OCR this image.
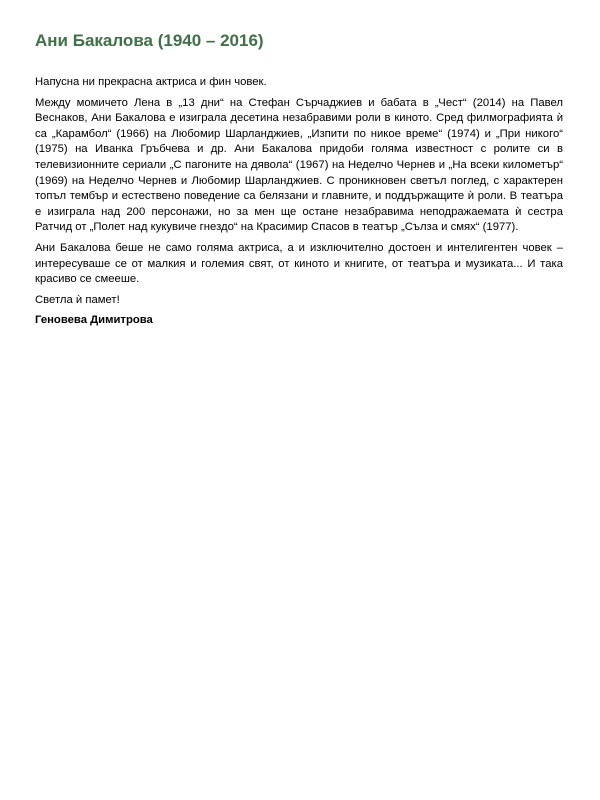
Ани Бакалова (1940 – 2016)

Напусна ни прекрасна актриса и фин човек.

Между момичето Лена в „13 дни“ на Стефан Сърчаджиев и бабата в „Чест“ (2014) на Павел Веснаков, Ани Бакалова е изиграла десетина незабравими роли в киното. Сред филмографията ѝ са „Карамбол“ (1966) на Любомир Шарланджиев, „Изпити по никое време“ (1974) и „При никого“ (1975) на Иванка Гръбчева и др. Ани Бакалова придоби голяма известност с ролите си в телевизионните сериали „С пагоните на дявола“ (1967) на Неделчо Чернев и „На всеки километър“ (1969) на Неделчо Чернев и Любомир Шарланджиев. С проникновен светъл поглед, с характерен топъл тембър и естествено поведение са белязани и главните, и поддържащите ѝ роли. В театъра е изиграла над 200 персонажи, но за мен ще остане незабравима неподражаемата ѝ сестра Ратчид от „Полет над кукувиче гнездо“ на Красимир Спасов в театър „Сълза и смях“ (1977).

Ани Бакалова беше не само голяма актриса, а и изключително достоен и интелигентен човек – интересуваше се от малкия и големия свят, от киното и книгите, от театъра и музиката... И така красиво се смееше.

Светла ѝ памет!

Геновева Димитрова
